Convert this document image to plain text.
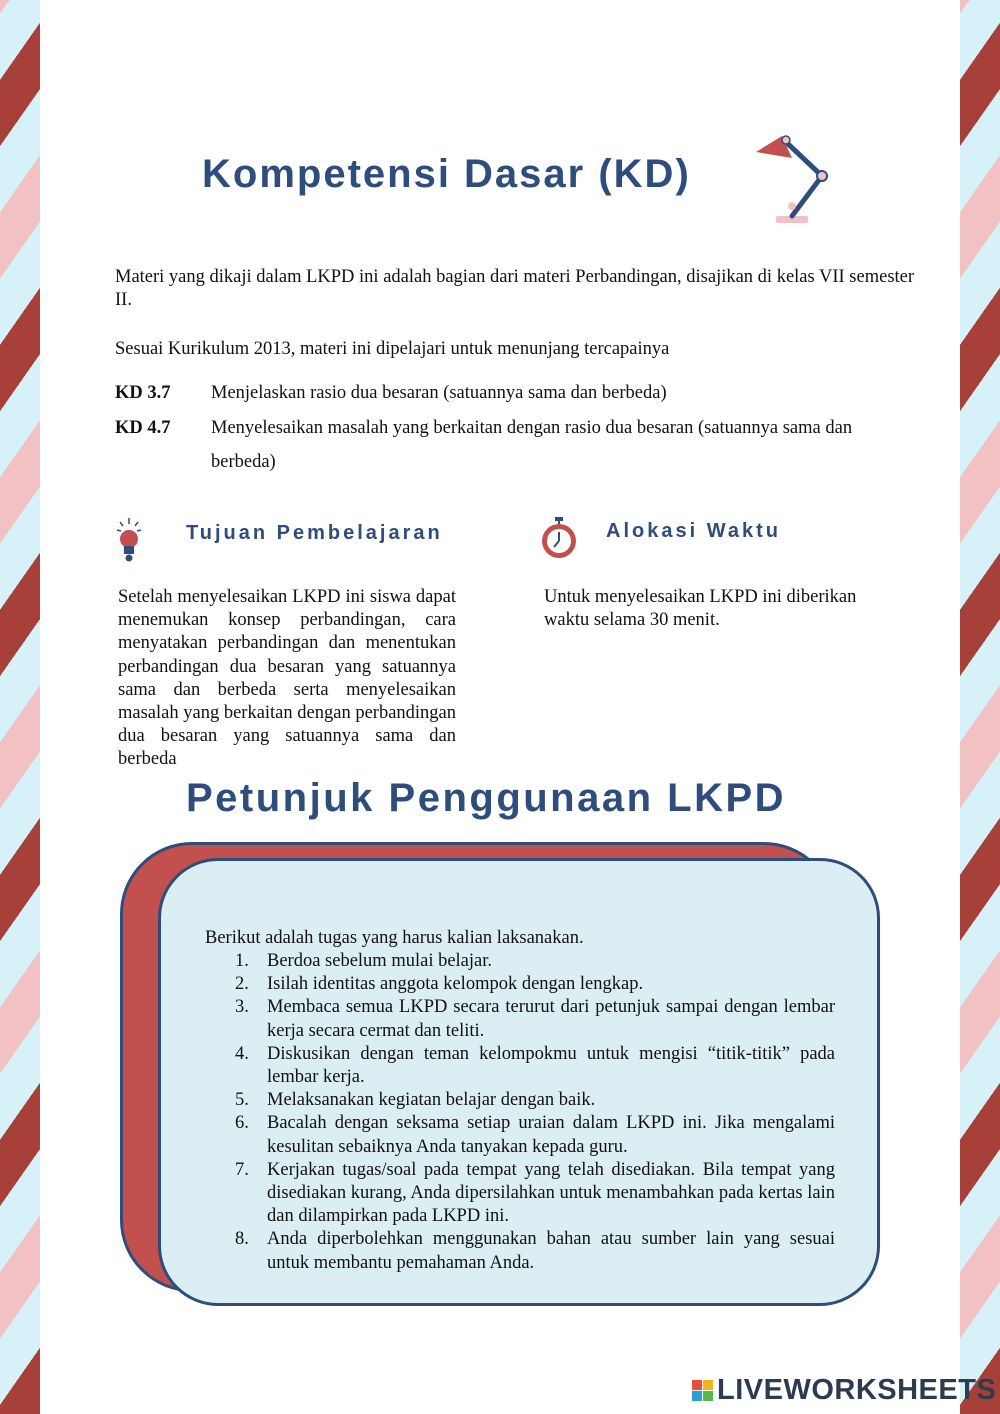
Kompetensi Dasar (KD)

Materi yang dikaji dalam LKPD ini adalah bagian dari materi Perbandingan, disajikan di kelas VII semester II.

Sesuai Kurikulum 2013, materi ini dipelajari untuk menunjang tercapainya

KD 3.7 Menjelaskan rasio dua besaran (satuannya sama dan berbeda)
KD 4.7 Menyelesaikan masalah yang berkaitan dengan rasio dua besaran (satuannya sama dan berbeda)
Tujuan Pembelajaran	Alokasi Waktu

Setelah menyelesaikan LKPD ini siswa dapat menemukan konsep perbandingan, cara menyatakan perbandingan dan menentukan perbandingan dua besaran yang satuannya sama dan berbeda serta menyelesaikan masalah yang berkaitan dengan perbandingan dua besaran yang satuannya sama dan berbeda

Untuk menyelesaikan LKPD ini diberikan waktu selama 30 menit.

Petunjuk Penggunaan LKPD

Berikut adalah tugas yang harus kalian laksanakan.

1. Berdoa sebelum mulai belajar.
2. Isilah identitas anggota kelompok dengan lengkap.
3. Membaca semua LKPD secara terurut dari petunjuk sampai dengan lembar kerja secara cermat dan teliti.
4. Diskusikan dengan teman kelompokmu untuk mengisi “titik-titik” pada lembar kerja.
5. Melaksanakan kegiatan belajar dengan baik.
6. Bacalah dengan seksama setiap uraian dalam LKPD ini. Jika mengalami kesulitan sebaiknya Anda tanyakan kepada guru.
7. Kerjakan tugas/soal pada tempat yang telah disediakan. Bila tempat yang disediakan kurang, Anda dipersilahkan untuk menambahkan pada kertas lain dan dilampirkan pada LKPD ini.
8. Anda diperbolehkan menggunakan bahan atau sumber lain yang sesuai untuk membantu pemahaman Anda.
LIVEWORKSHEETS
